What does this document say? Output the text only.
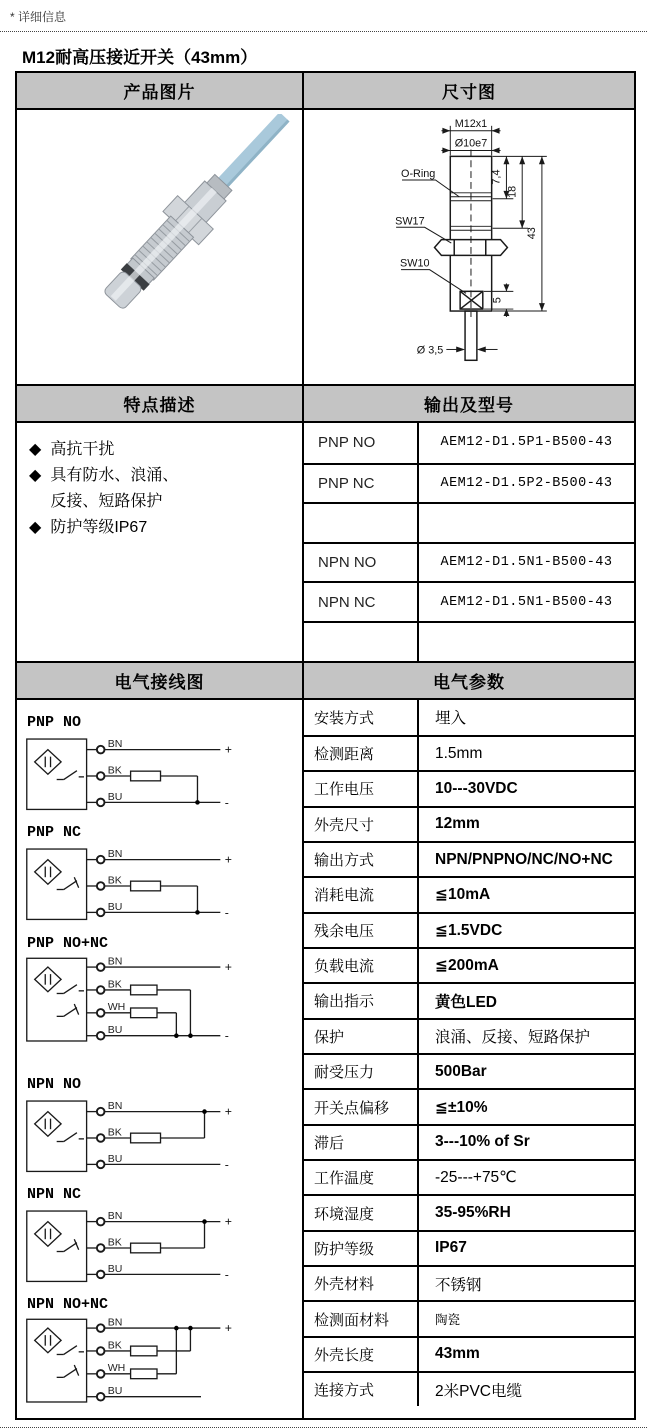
* 详细信息
M12耐高压接近开关（43mm）
产品图片	尺寸图
M12x1
Ø10e7
O-Ring
SW17
SW10
7,4
18
43
5
Ø 3,5
特点描述	输出及型号
◆ 高抗干扰
◆ 具有防水、浪涌、反接、短路保护
◆ 防护等级IP67
PNP NO	AEM12-D1.5P1-B500-43
PNP NC	AEM12-D1.5P2-B500-43
NPN NO	AEM12-D1.5N1-B500-43
NPN NC	AEM12-D1.5N1-B500-43
电气接线图	电气参数
PNP NO
BN
BK
BU
+
-
PNP NC
BN
BK
BU
+
-
PNP NO+NC
BN
BK
WH
BU
+
-
NPN NO
BN
BK
BU
+
-
NPN NC
BN
BK
BU
+
-
NPN NO+NC
BN
BK
WH
BU
+
安装方式	埋入
检测距离	1.5mm
工作电压	10---30VDC
外壳尺寸	12mm
输出方式	NPN/PNPNO/NC/NO+NC
消耗电流	≦10mA
残余电压	≦1.5VDC
负载电流	≦200mA
输出指示	黄色LED
保护	浪涌、反接、短路保护
耐受压力	500Bar
开关点偏移	≦±10%
滞后	3---10% of Sr
工作温度	-25---+75℃
环境湿度	35-95%RH
防护等级	IP67
外壳材料	不锈钢
检测面材料	陶瓷
外壳长度	43mm
连接方式	2米PVC电缆
